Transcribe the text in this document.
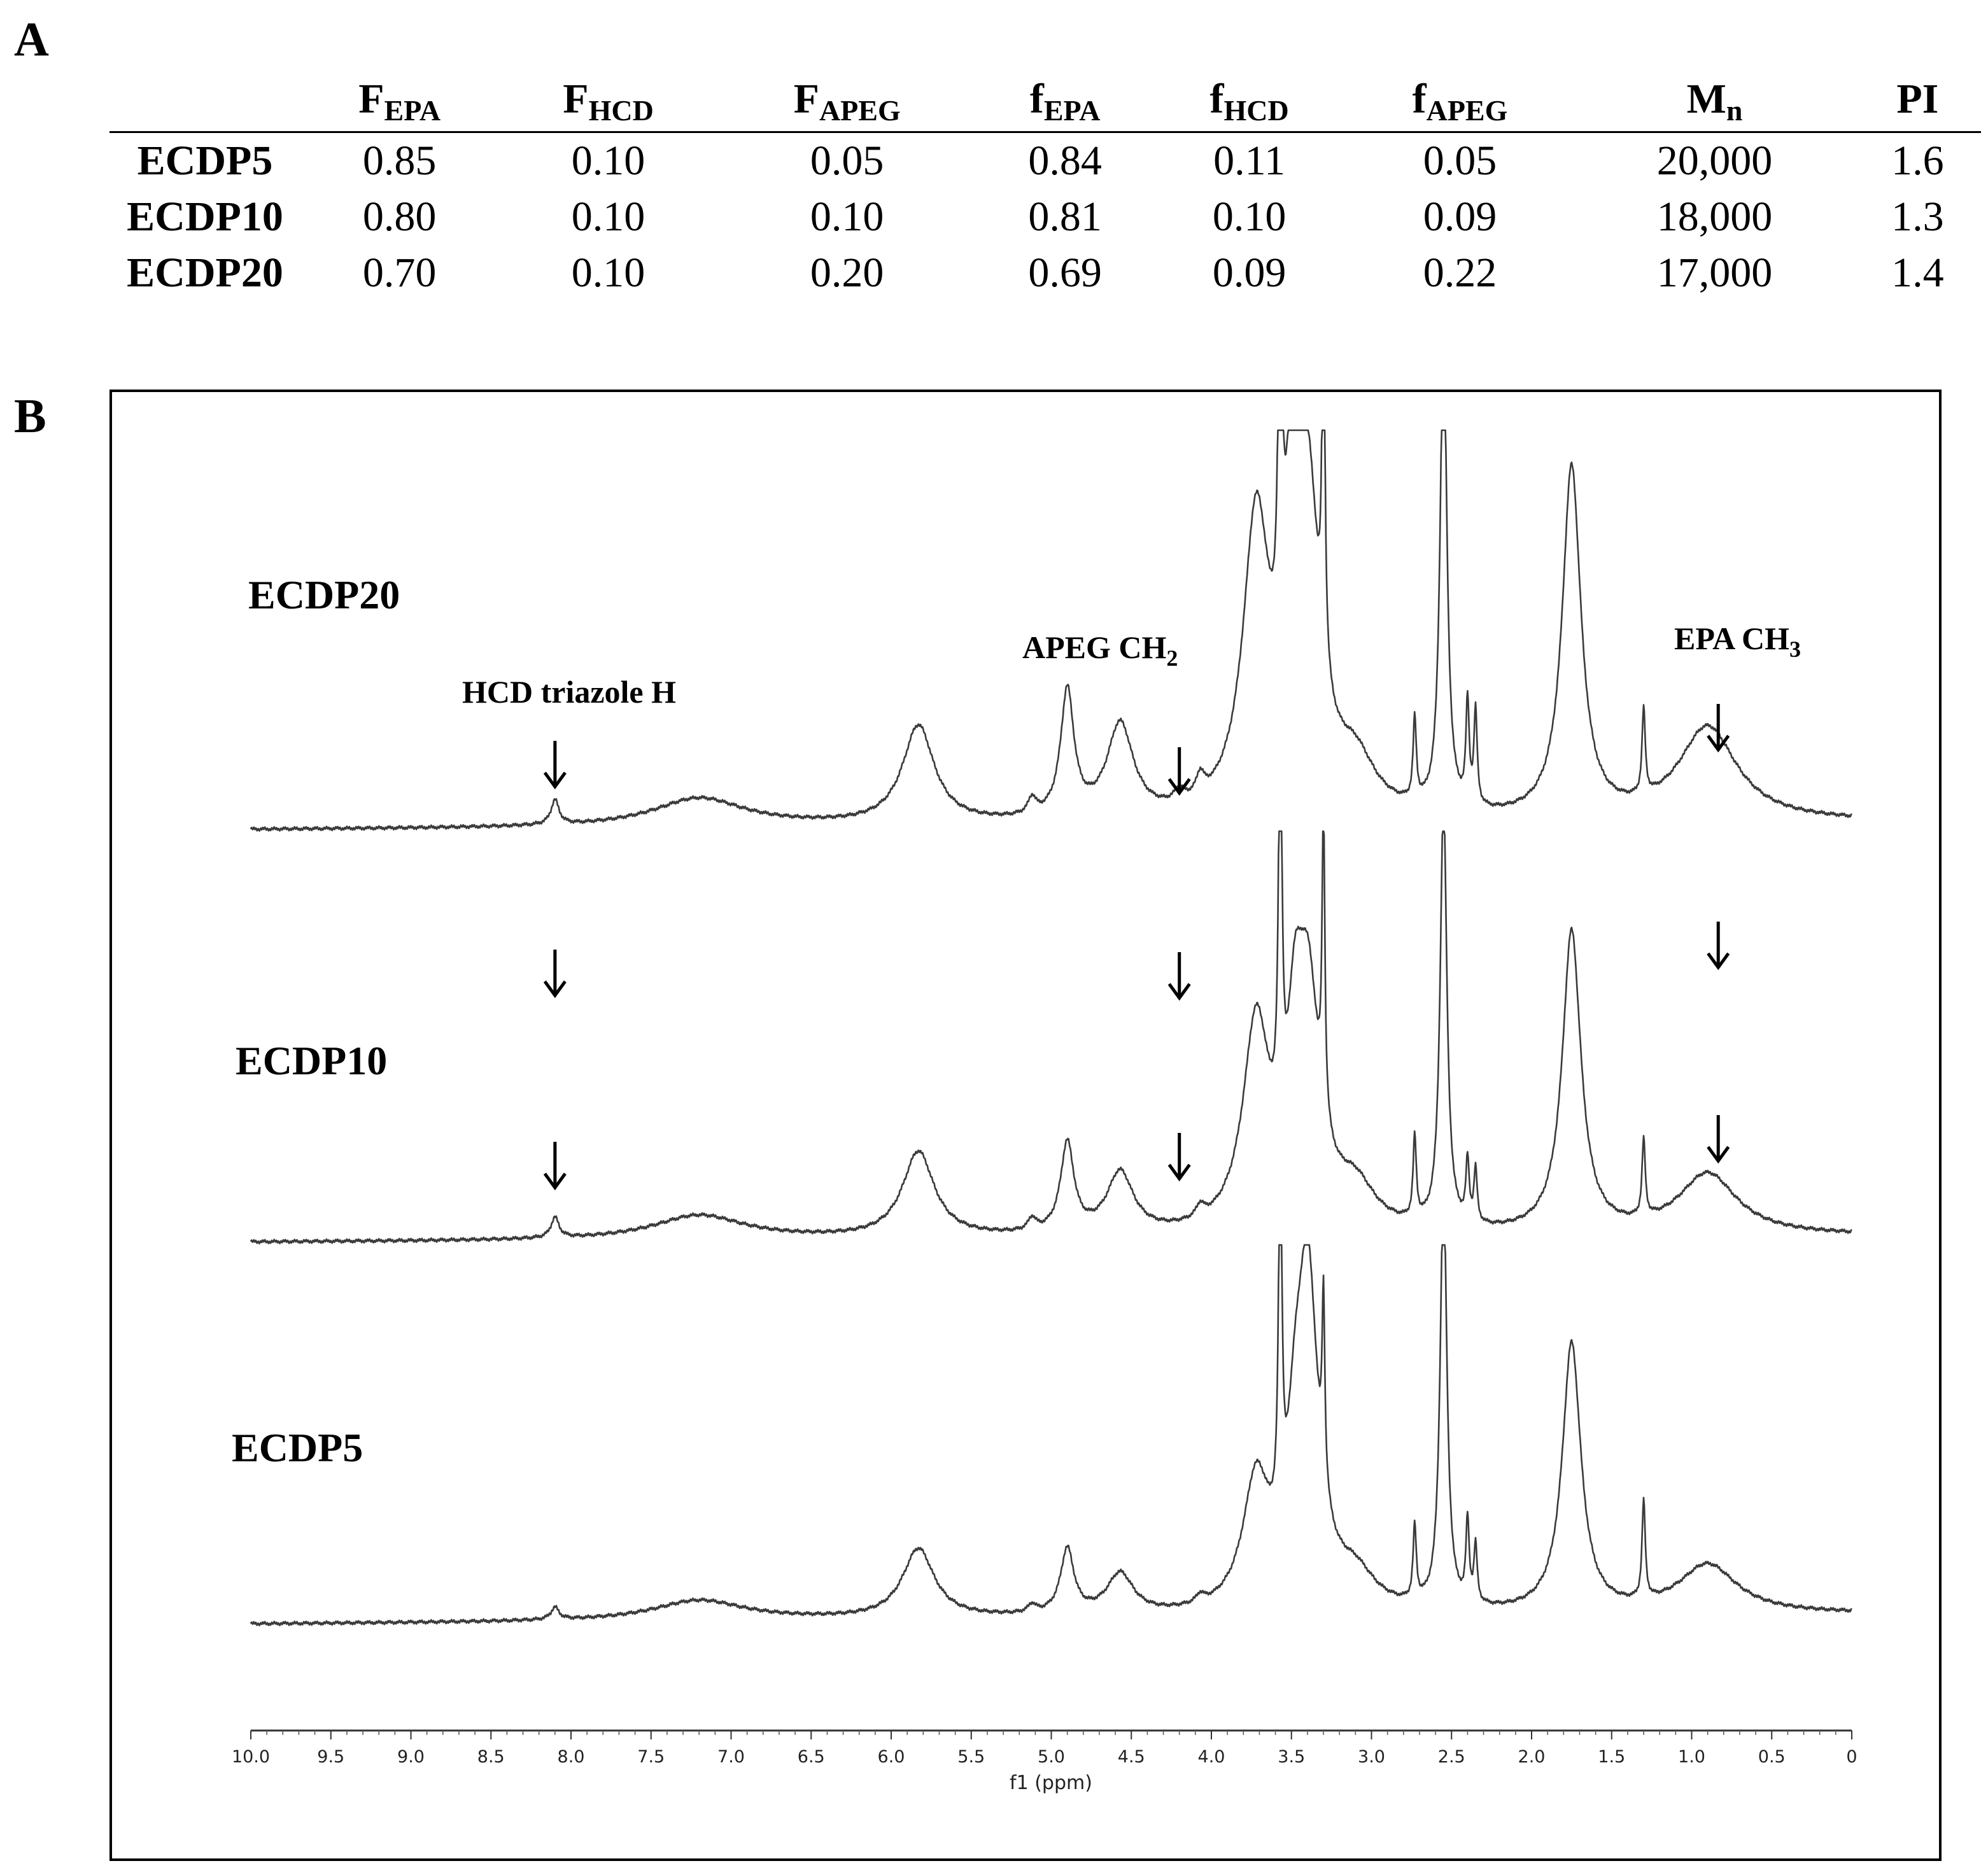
A
	$F_{EPA}$	$F_{HCD}$	$F_{APEG}$	$f_{EPA}$	$f_{HCD}$	$f_{APEG}$	$M_n$	PI
ECDP5	0.85	0.10	0.05	0.84	0.11	0.05	20,000	1.6
ECDP10	0.80	0.10	0.10	0.81	0.10	0.09	18,000	1.3
ECDP20	0.70	0.10	0.20	0.69	0.09	0.22	17,000	1.4
B
ECDP20
ECDP10
ECDP5
HCD triazole H
APEG $CH_2$
EPA $CH_3$
f1 (ppm)
10.0	9.5	9.0	8.5	8.0	7.5	7.0	6.5	6.0	5.5	5.0	4.5	4.0	3.5	3.0	2.5	2.0	1.5	1.0	0.5	0
